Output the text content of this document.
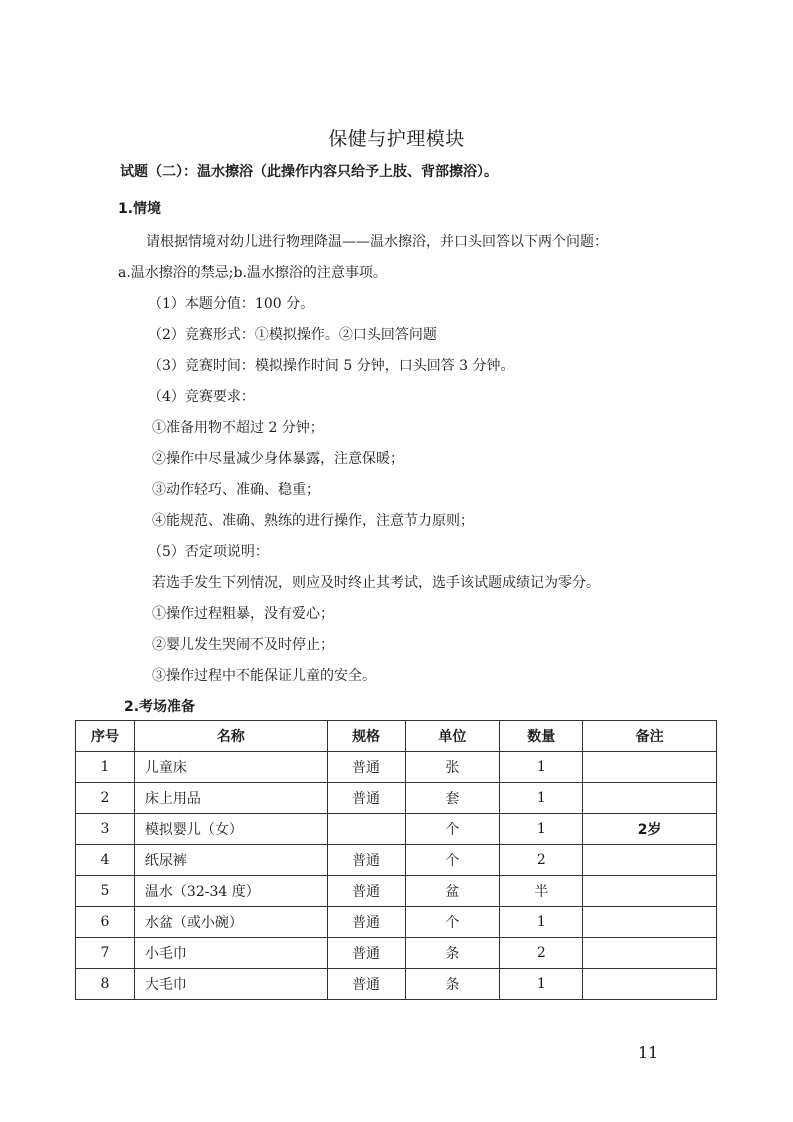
保健与护理模块
试题（二）：温水擦浴（此操作内容只给予上肢、背部擦浴）。
1.情境
请根据情境对幼儿进行物理降温——温水擦浴，并口头回答以下两个问题：
a.温水擦浴的禁忌;b.温水擦浴的注意事项。
（1）本题分值：100 分。
（2）竞赛形式：①模拟操作。②口头回答问题
（3）竞赛时间：模拟操作时间 5 分钟，口头回答 3 分钟。
（4）竞赛要求：
①准备用物不超过 2 分钟；
②操作中尽量减少身体暴露，注意保暖；
③动作轻巧、准确、稳重；
④能规范、准确、熟练的进行操作，注意节力原则；
（5）否定项说明：
若选手发生下列情况，则应及时终止其考试，选手该试题成绩记为零分。
①操作过程粗暴，没有爱心；
②婴儿发生哭闹不及时停止；
③操作过程中不能保证儿童的安全。
2.考场准备
序号	名称	规格	单位	数量	备注
1	儿童床	普通	张	1	
2	床上用品	普通	套	1	
3	模拟婴儿（女）		个	1	2岁
4	纸尿裤	普通	个	2	
5	温水（32-34 度）	普通	盆	半	
6	水盆（或小碗）	普通	个	1	
7	小毛巾	普通	条	2	
8	大毛巾	普通	条	1	
11
